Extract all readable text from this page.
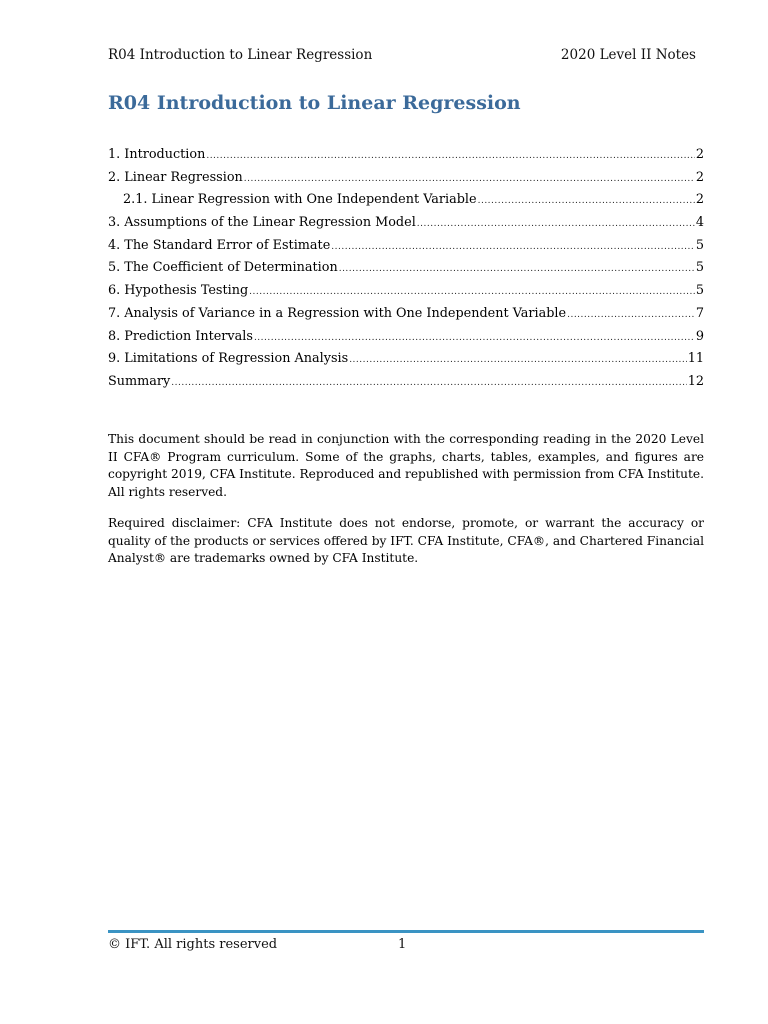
R04 Introduction to Linear Regression	2020 Level II Notes
R04 Introduction to Linear Regression
1. Introduction .....	2
2. Linear Regression .....	2
2.1. Linear Regression with One Independent Variable .....	2
3. Assumptions of the Linear Regression Model .....	4
4. The Standard Error of Estimate .....	5
5. The Coefficient of Determination .....	5
6. Hypothesis Testing .....	5
7. Analysis of Variance in a Regression with One Independent Variable .....	7
8. Prediction Intervals .....	9
9. Limitations of Regression Analysis .....	11
Summary .....	12

This document should be read in conjunction with the corresponding reading in the 2020 Level II CFA® Program curriculum. Some of the graphs, charts, tables, examples, and figures are copyright 2019, CFA Institute. Reproduced and republished with permission from CFA Institute. All rights reserved.

Required disclaimer: CFA Institute does not endorse, promote, or warrant the accuracy or quality of the products or services offered by IFT. CFA Institute, CFA®, and Chartered Financial Analyst® are trademarks owned by CFA Institute.

© IFT. All rights reserved	1
